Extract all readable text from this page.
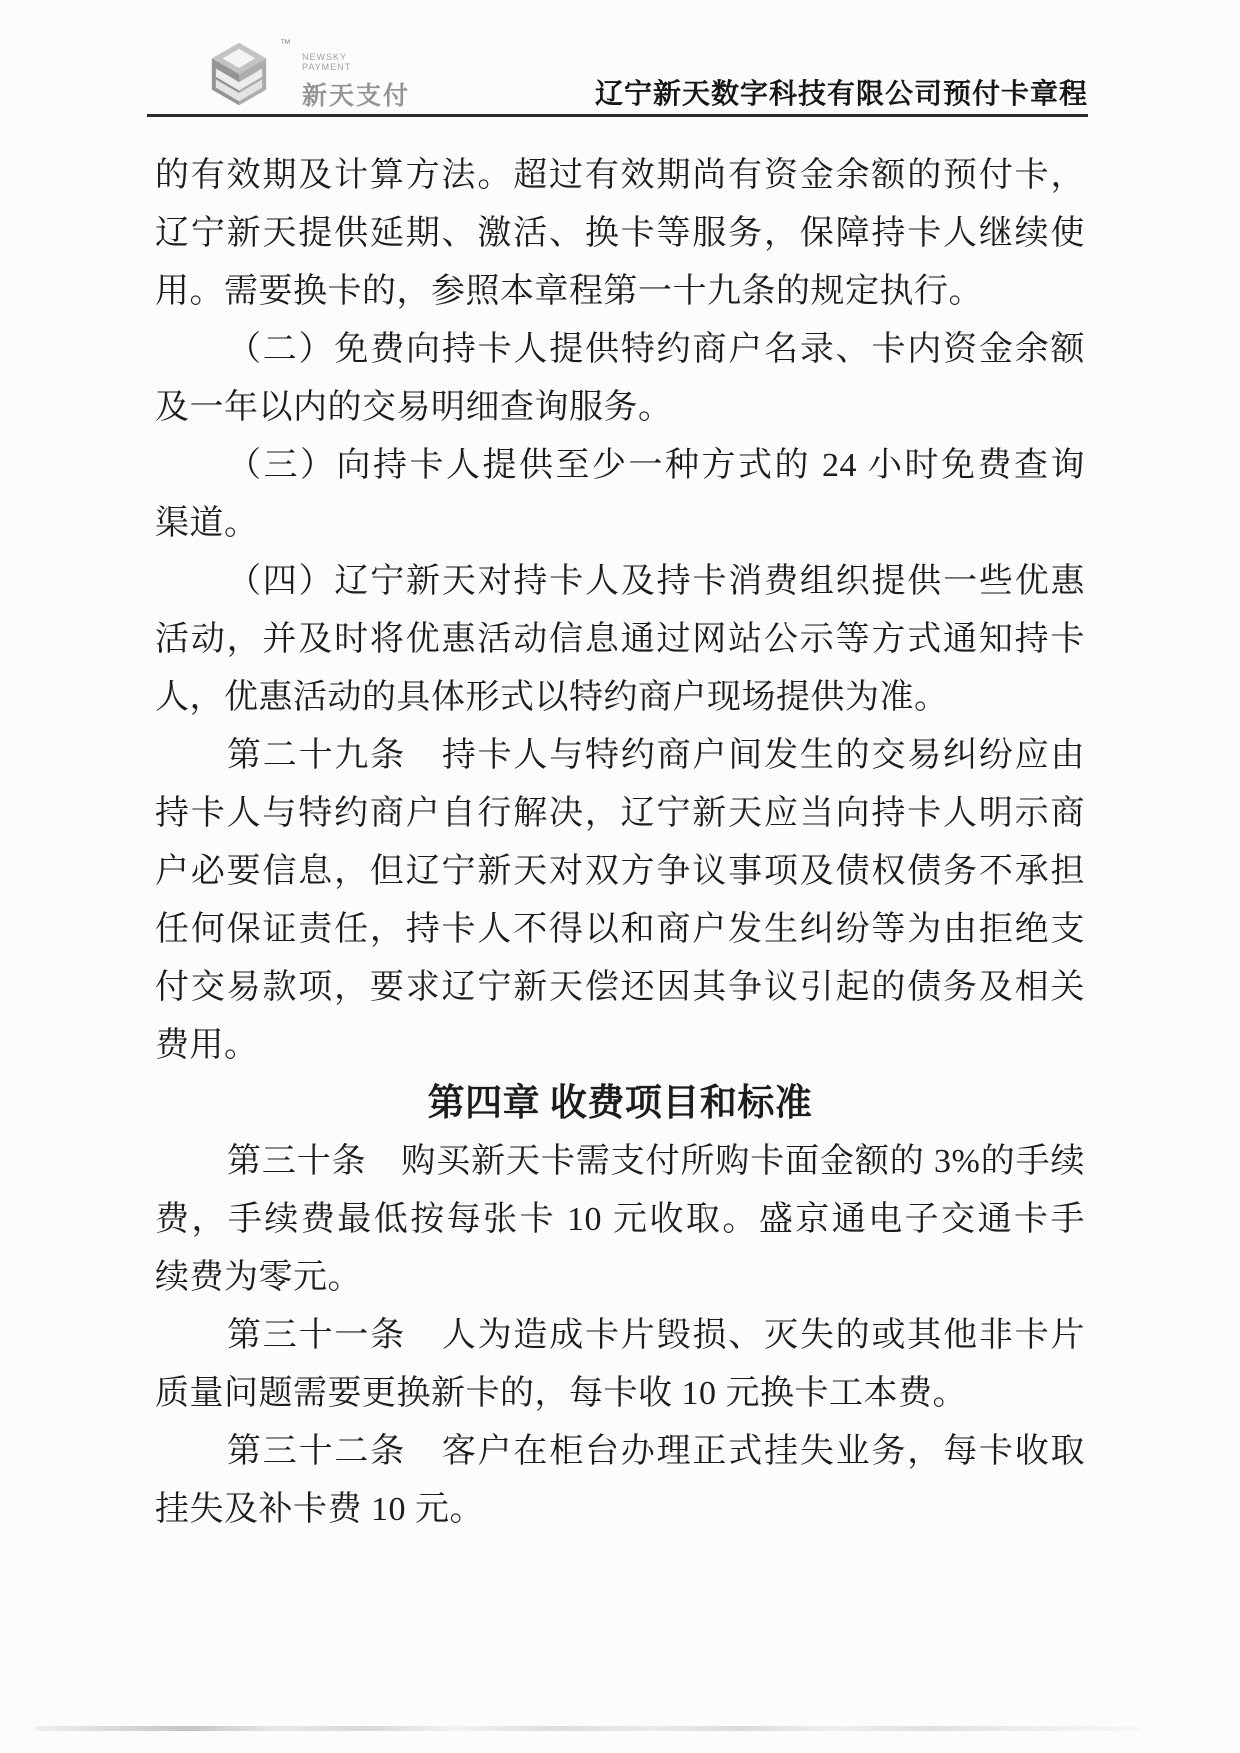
™
NEWSKY
PAYMENT
新天支付	辽宁新天数字科技有限公司预付卡章程
的有效期及计算方法。超过有效期尚有资金余额的预付卡，
辽宁新天提供延期、激活、换卡等服务，保障持卡人继续使
用。需要换卡的，参照本章程第一十九条的规定执行。
（二）免费向持卡人提供特约商户名录、卡内资金余额
及一年以内的交易明细查询服务。
（三）向持卡人提供至少一种方式的 24 小时免费查询
渠道。
（四）辽宁新天对持卡人及持卡消费组织提供一些优惠
活动，并及时将优惠活动信息通过网站公示等方式通知持卡
人，优惠活动的具体形式以特约商户现场提供为准。
第二十九条　持卡人与特约商户间发生的交易纠纷应由
持卡人与特约商户自行解决，辽宁新天应当向持卡人明示商
户必要信息，但辽宁新天对双方争议事项及债权债务不承担
任何保证责任，持卡人不得以和商户发生纠纷等为由拒绝支
付交易款项，要求辽宁新天偿还因其争议引起的债务及相关
费用。
第四章 收费项目和标准
第三十条　购买新天卡需支付所购卡面金额的 3%的手续
费，手续费最低按每张卡 10 元收取。盛京通电子交通卡手
续费为零元。
第三十一条　人为造成卡片毁损、灭失的或其他非卡片
质量问题需要更换新卡的，每卡收 10 元换卡工本费。
第三十二条　客户在柜台办理正式挂失业务，每卡收取
挂失及补卡费 10 元。
